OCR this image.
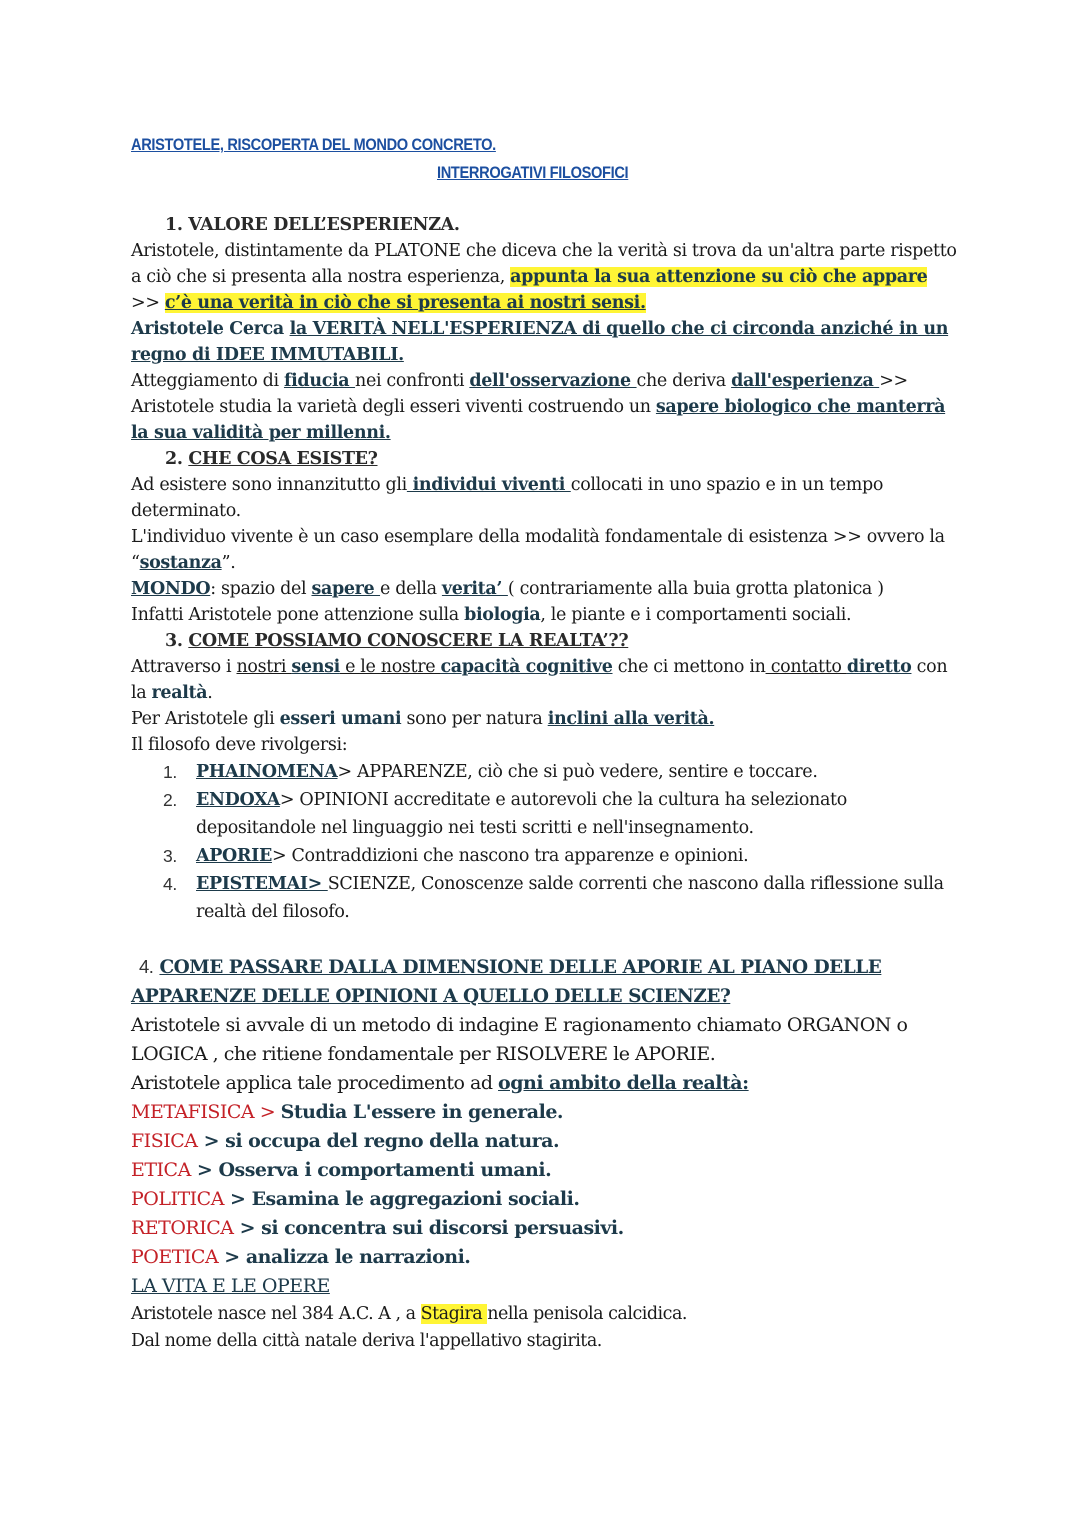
ARISTOTELE, RISCOPERTA DEL MONDO CONCRETO.

INTERROGATIVI FILOSOFICI

1. VALORE DELL’ESPERIENZA.

Aristotele, distintamente da PLATONE che diceva che la verità si trova da un'altra parte rispetto a ciò che si presenta alla nostra esperienza, appunta la sua attenzione su ciò che appare >> c’è una verità in ciò che si presenta ai nostri sensi.

Aristotele Cerca la VERITÀ NELL'ESPERIENZA di quello che ci circonda anziché in un regno di IDEE IMMUTABILI.

Atteggiamento di fiducia nei confronti dell'osservazione che deriva dall'esperienza >> Aristotele studia la varietà degli esseri viventi costruendo un sapere biologico che manterrà la sua validità per millenni.

2. CHE COSA ESISTE?

Ad esistere sono innanzitutto gli individui viventi collocati in uno spazio e in un tempo determinato.

L'individuo vivente è un caso esemplare della modalità fondamentale di esistenza >> ovvero la “sostanza”.

MONDO: spazio del sapere e della verita’ ( contrariamente alla buia grotta platonica )

Infatti Aristotele pone attenzione sulla biologia, le piante e i comportamenti sociali.

3. COME POSSIAMO CONOSCERE LA REALTA’??

Attraverso i nostri sensi e le nostre capacità cognitive che ci mettono in contatto diretto con la realtà.

Per Aristotele gli esseri umani sono per natura inclini alla verità.

Il filosofo deve rivolgersi:

1. PHAINOMENA> APPARENZE, ciò che si può vedere, sentire e toccare.
2. ENDOXA> OPINIONI accreditate e autorevoli che la cultura ha selezionato depositandole nel linguaggio nei testi scritti e nell'insegnamento.
3. APORIE> Contraddizioni che nascono tra apparenze e opinioni.
4. EPISTEMAI> SCIENZE, Conoscenze salde correnti che nascono dalla riflessione sulla realtà del filosofo.

4. COME PASSARE DALLA DIMENSIONE DELLE APORIE AL PIANO DELLE APPARENZE DELLE OPINIONI A QUELLO DELLE SCIENZE?

Aristotele si avvale di un metodo di indagine E ragionamento chiamato ORGANON o LOGICA , che ritiene fondamentale per RISOLVERE le APORIE.

Aristotele applica tale procedimento ad ogni ambito della realtà:

METAFISICA > Studia L'essere in generale.

FISICA > si occupa del regno della natura.

ETICA > Osserva i comportamenti umani.

POLITICA > Esamina le aggregazioni sociali.

RETORICA > si concentra sui discorsi persuasivi.

POETICA > analizza le narrazioni.

LA VITA E LE OPERE

Aristotele nasce nel 384 A.C. A , a Stagira nella penisola calcidica.

Dal nome della città natale deriva l'appellativo stagirita.
